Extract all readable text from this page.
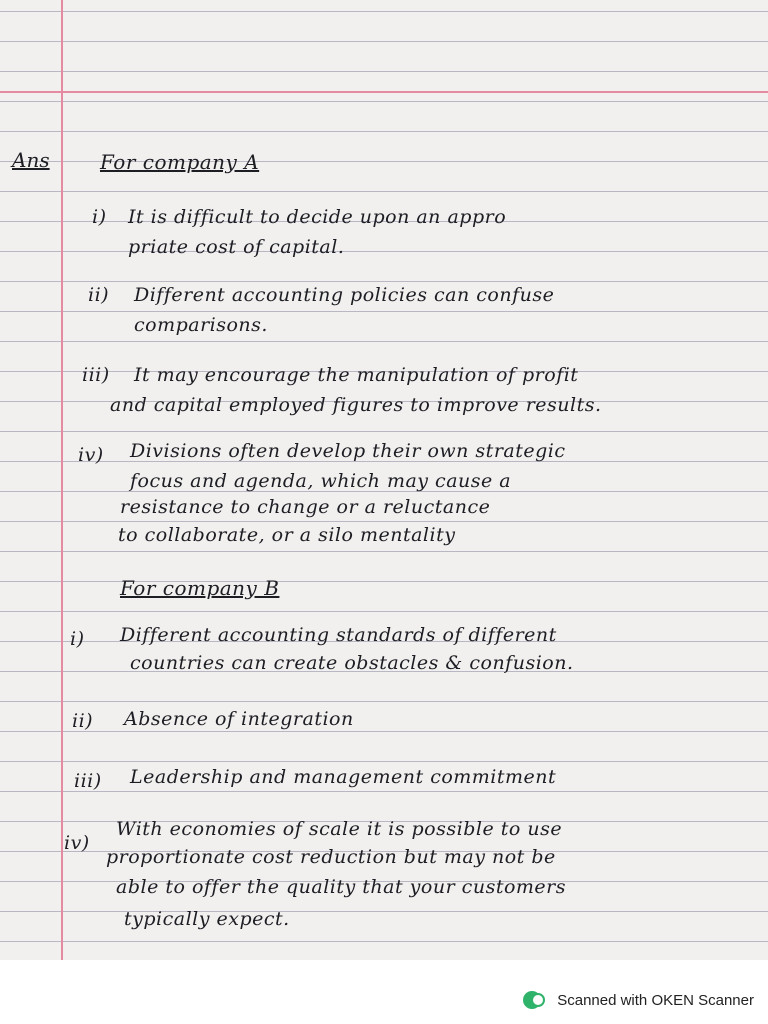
Ans	For company A
i) It is difficult to decide upon an appro
priate cost of capital.
ii) Different accounting policies can confuse
comparisons.
iii) It may encourage the manipulation of profit
and capital employed figures to improve results.
iv) Divisions often develop their own strategic
focus and agenda, which may cause a
resistance to change or a reluctance
to collaborate, or a silo mentality
For company B
i) Different accounting standards of different
countries can create obstacles & confusion.
ii) Absence of integration
iii) Leadership and management commitment
iv)
With economies of scale it is possible to use
proportionate cost reduction but may not be
able to offer the quality that your customers
typically expect.
Scanned with OKEN Scanner
